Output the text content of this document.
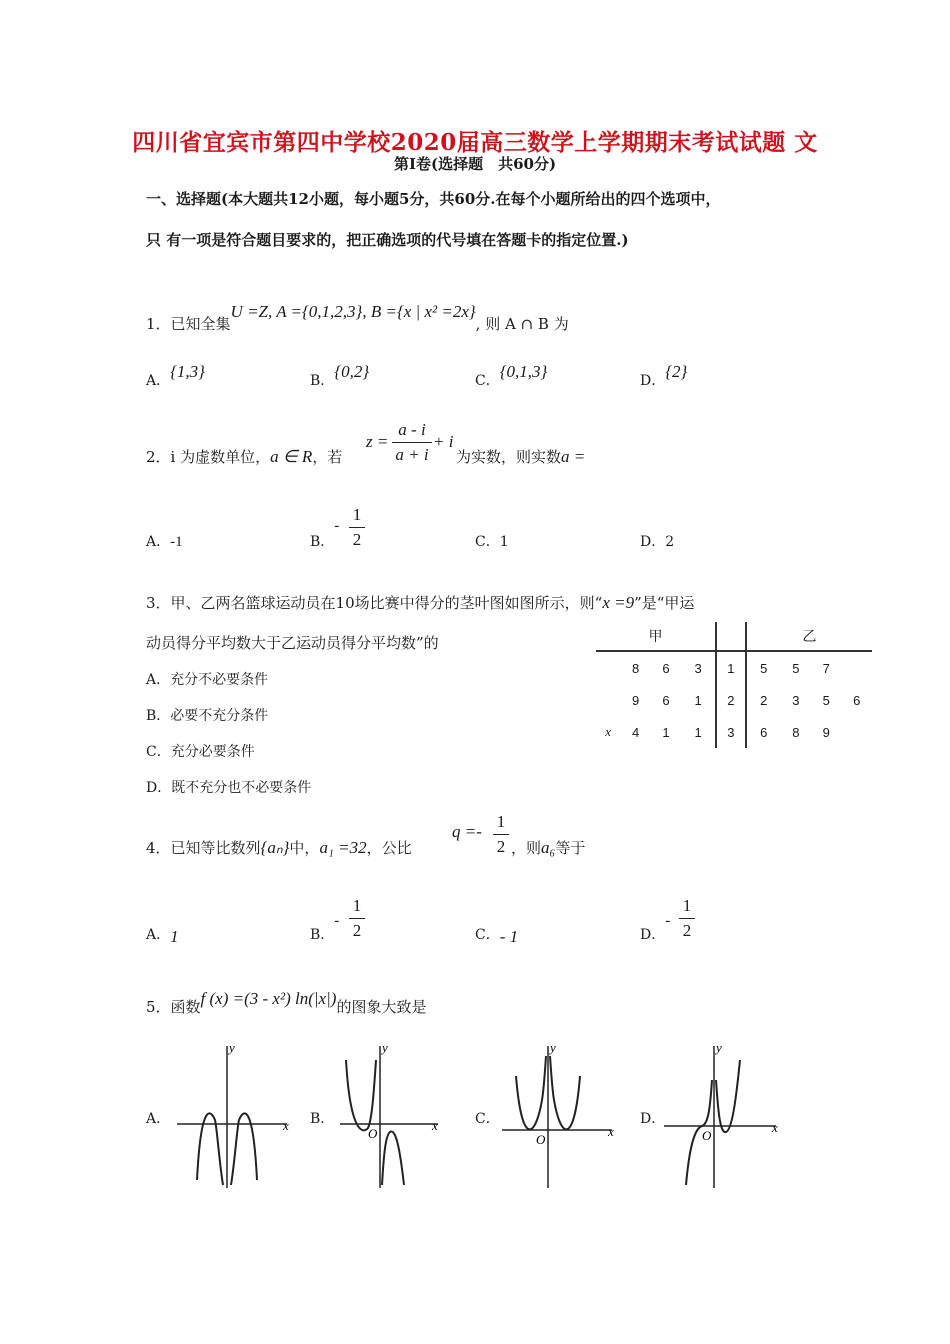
四川省宜宾市第四中学校2020届高三数学上学期期末考试试题 文
第Ⅰ卷(选择题　共60分)
一、选择题(本大题共12小题，每小题5分，共60分.在每个小题所给出的四个选项中，
只 有一项是符合题目要求的，把正确选项的代号填在答题卡的指定位置.)
1．已知全集U =Z, A ={0,1,2,3}, B ={x | x² =2x}, 则 A ∩ B 为
A．{1,3}	B．{0,2}	C．{0,1,3}	D．{2}
2．i 为虚数单位，a ∈ R，若
z =
a - i
a + i
+ i
为实数，则实数a =
A．-1	B．-
1
2	C．1	D．2
3．甲、乙两名篮球运动员在10场比赛中得分的茎叶图如图所示，则“x =9”是“甲运
动员得分平均数大于乙运动员得分平均数”的
A．充分不必要条件
B．必要不充分条件
C．充分必要条件
D．既不充分也不必要条件
甲					乙			
	8	6	3	1	5	5	7	
	9	6	1	2	2	3	5	6
x	4	1	1	3	6	8	9	
4．已知等比数列{aₙ}中，a₁ =32，公比
q =-
1
2 ，则a₆等于
A．1	B．-
1
2	C．- 1	D．-
1
2
5．函数f (x) =(3 - x²) ln(|x|)的图象大致是
A．	B．	C．	D．
x
y
x
y
O	x
y
O
x
y
O
